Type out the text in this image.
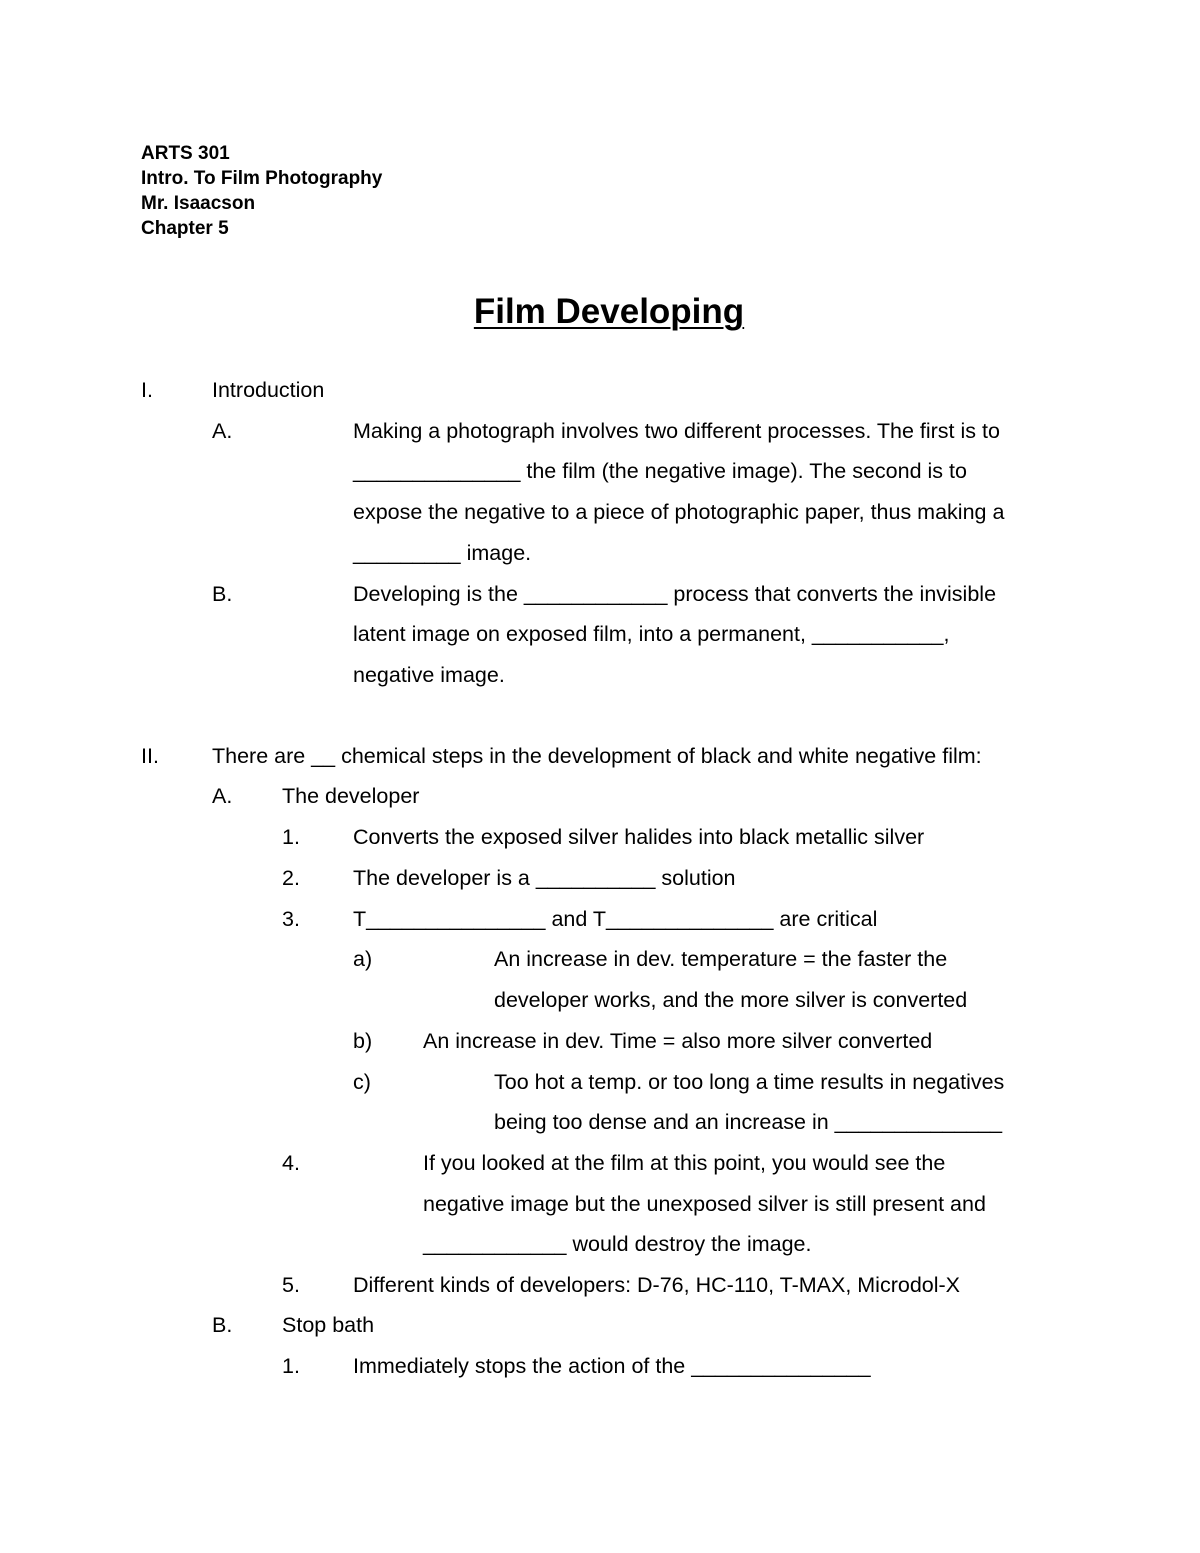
ARTS 301
Intro. To Film Photography
Mr. Isaacson
Chapter 5
Film Developing
I.	Introduction
A.	Making a photograph involves two different processes. The first is to
______________ the film (the negative image). The second is to
expose the negative to a piece of photographic paper, thus making a
_________ image.
B.	Developing is the ____________ process that converts the invisible
latent image on exposed film, into a permanent, ___________,
negative image.
II. There are __ chemical steps in the development of black and white negative film:
A. The developer
1. Converts the exposed silver halides into black metallic silver
2. The developer is a __________ solution
3. T_______________ and T______________ are critical
a)	An increase in dev. temperature = the faster the
developer works, and the more silver is converted
b) An increase in dev. Time = also more silver converted
c)	Too hot a temp. or too long a time results in negatives
being too dense and an increase in ______________
4.	If you looked at the film at this point, you would see the
negative image but the unexposed silver is still present and
____________ would destroy the image.
5. Different kinds of developers: D-76, HC-110, T-MAX, Microdol-X
B. Stop bath
1. Immediately stops the action of the _______________
